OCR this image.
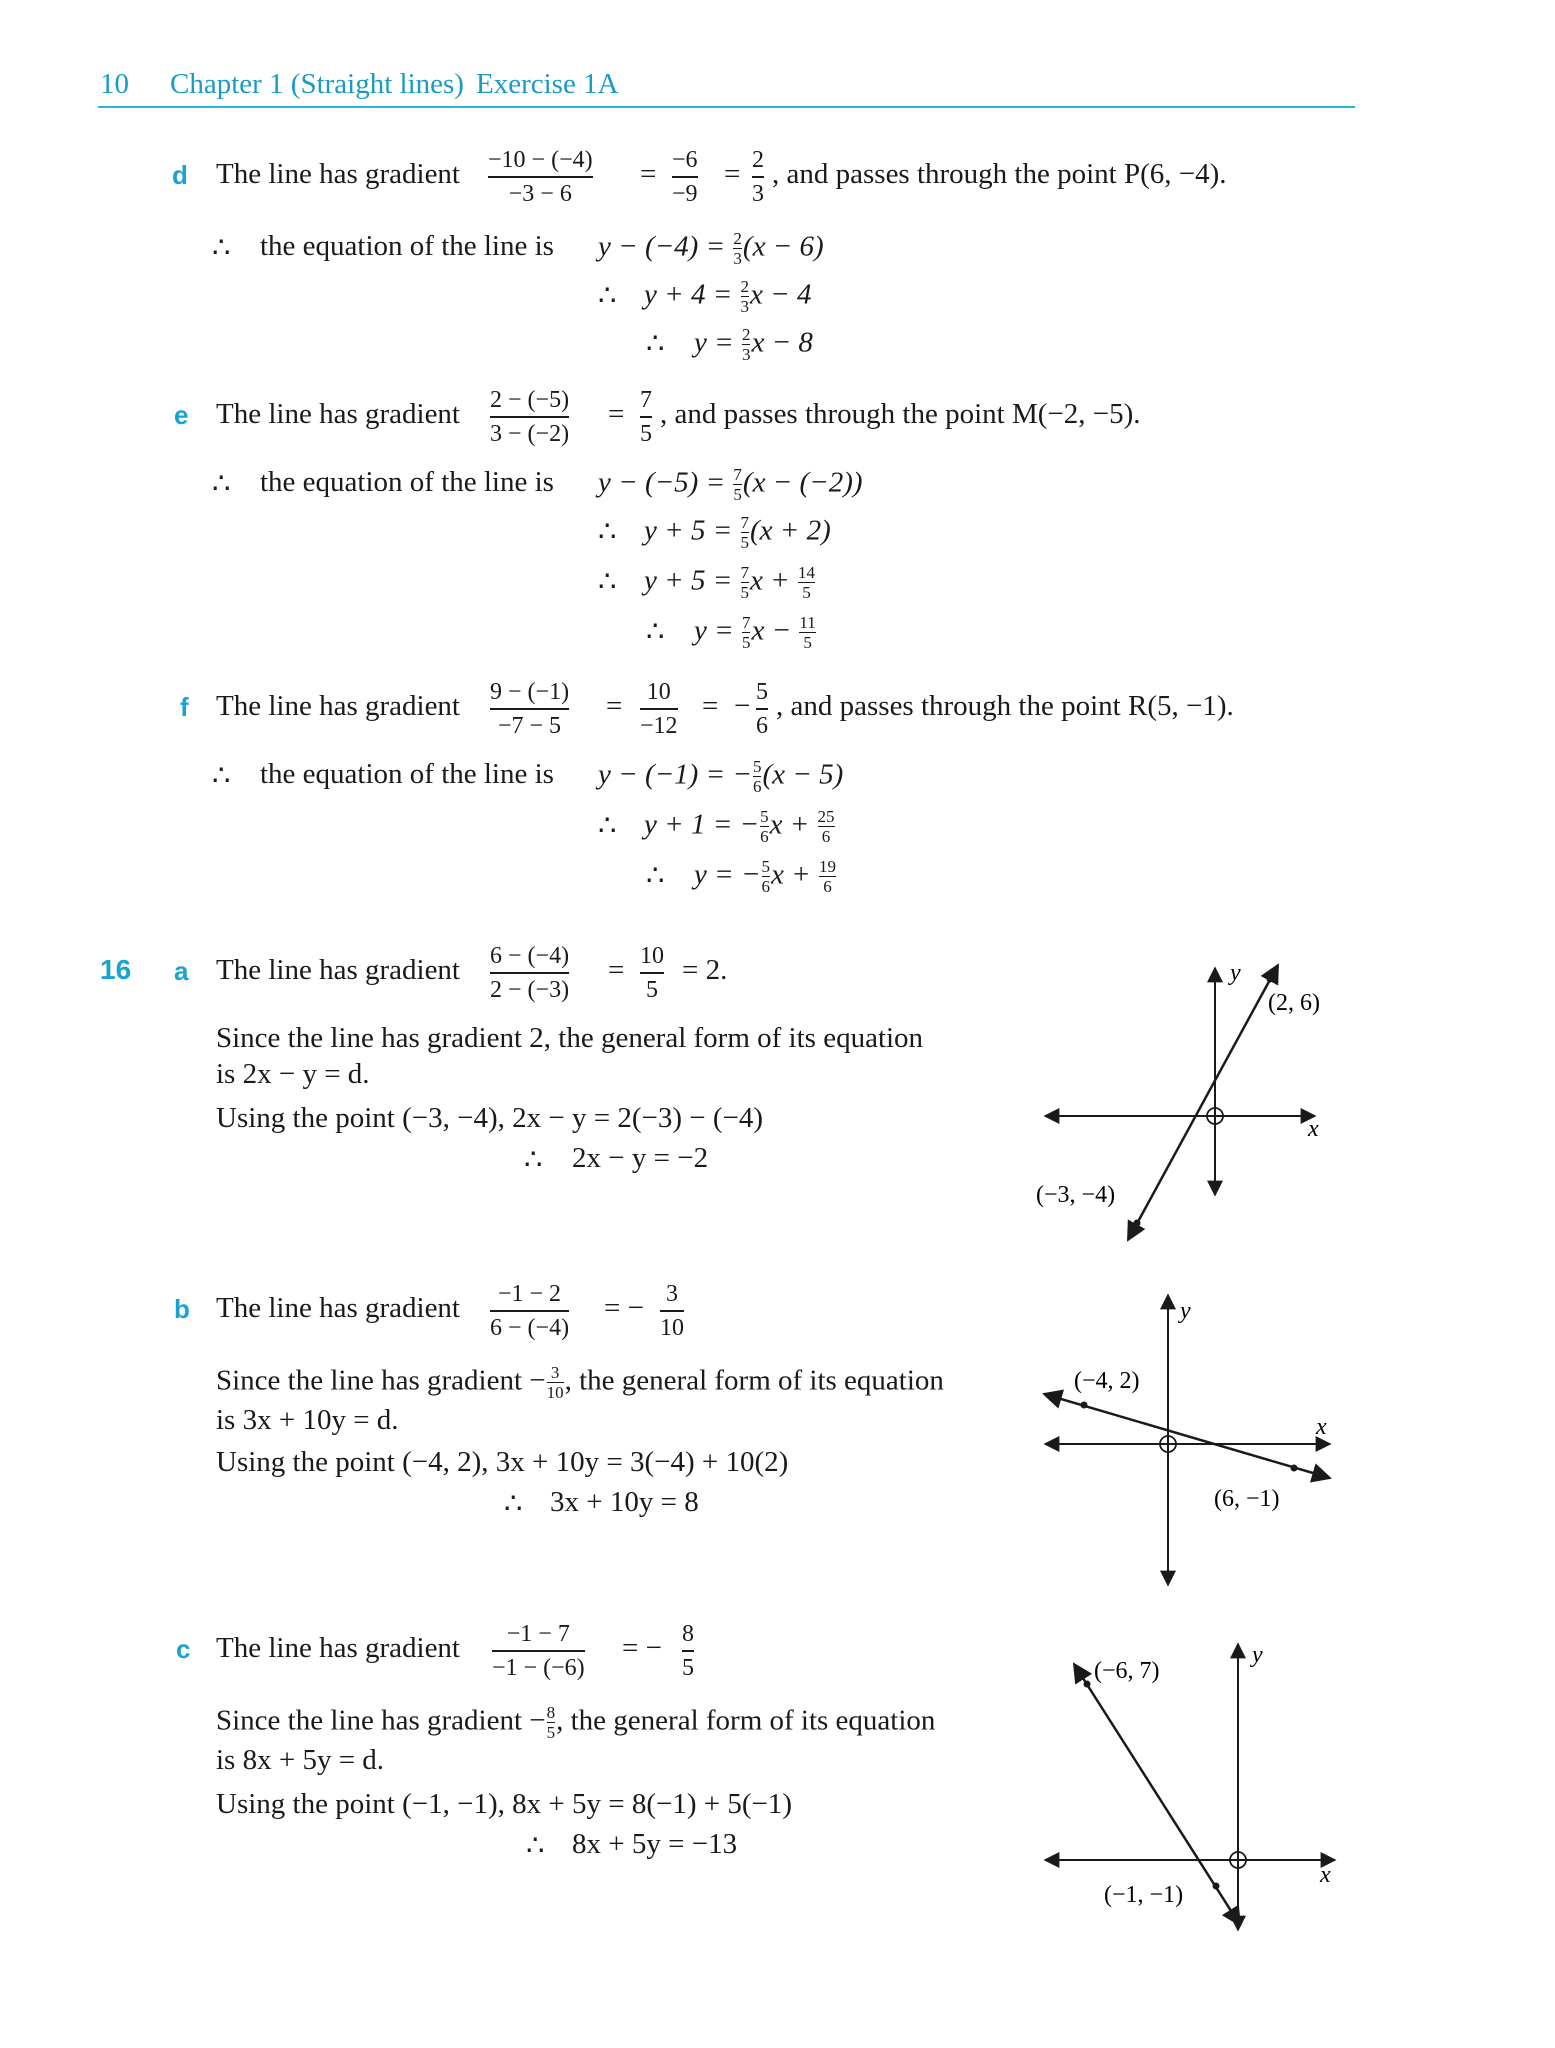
10 Chapter 1 (Straight lines) Exercise 1A
d The line has gradient −10 − (−4)
−3 − 6
= −6
−9
= 2
3
, and passes through the point P(6, −4).
∴ the equation of the line is $y - (-4) = \frac{2}{3} (x - 6)$
∴ $y + 4 = \frac{2}{3}$ x − 4
∴ $y = \frac{2}{3}$ x − 8
e The line has gradient 2 − (−5)
3 − (−2)
= 7
5
, and passes through the point M(−2, −5).
∴ the equation of the line is $y - (-5) = \frac{7}{5} (x - (-2))$
∴ $y + 5 = \frac{7}{5} (x + 2)$
∴ $y + 5 = \frac{7}{5}$ $x + \frac{14}{5}$
∴ $y = \frac{7}{5}$ $x - \frac{11}{5}$
f The line has gradient 9 − (−1)
−7 − 5
= 10
−12
= − 5
6
, and passes through the point R(5, −1).
∴ the equation of the line is y − (−1) = − $\frac{5}{6} (x - 5)$
∴ y + 1 = − $\frac{5}{6}$ $x + \frac{25}{6}$
∴ y = − $\frac{5}{6}$ $x + \frac{19}{6}$
16 a The line has gradient 6 − (−4)
2 − (−3)
= 10
5
= 2.
Since the line has gradient 2, the general form of its equation
is 2x − y = d.
Using the point (−3, −4), 2x − y = 2(−3) − (−4)
∴ 2x − y = −2
y
x
(2, 6)
(−3, −4)
b The line has gradient −1 − 2
6 − (−4)
= − 3
10
Since the line has gradient − $\frac{3}{10}$ , the general form of its equation
is 3x + 10y = d.
Using the point (−4, 2), 3x + 10y = 3(−4) + 10(2)
∴ 3x + 10y = 8
y
x
(−4, 2)
(6, −1)
c The line has gradient −1 − 7
−1 − (−6)
= − 8
5
Since the line has gradient − $\frac{8}{5}$ , the general form of its equation
is 8x + 5y = d.
Using the point (−1, −1), 8x + 5y = 8(−1) + 5(−1)
∴ 8x + 5y = −13
y
x
(−6, 7)
(−1, −1)
